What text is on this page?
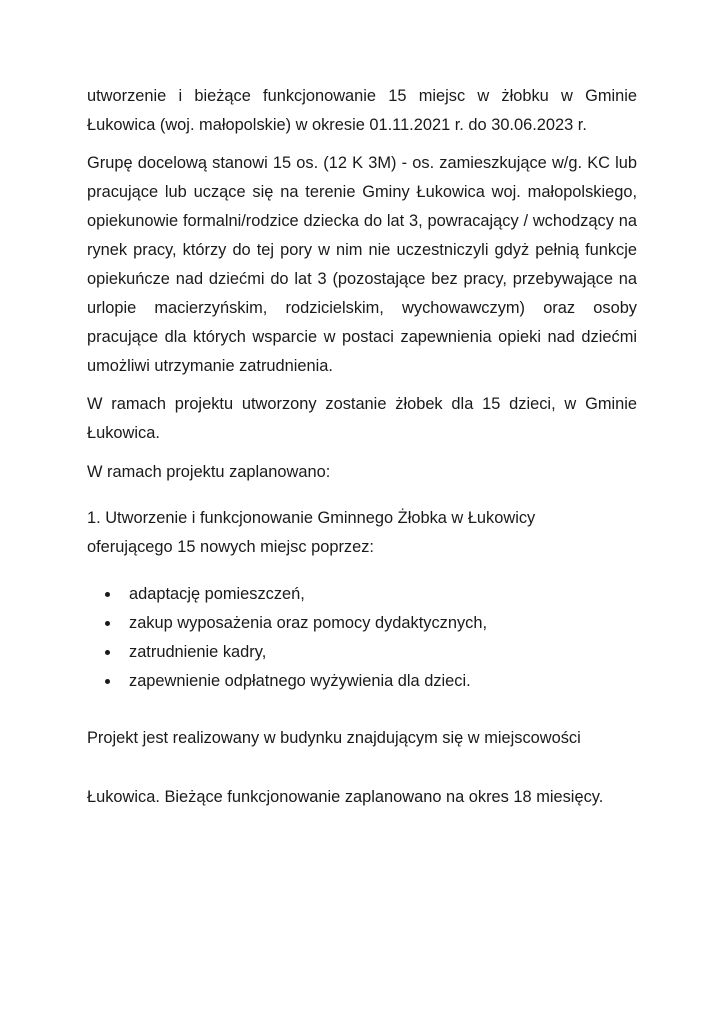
utworzenie i bieżące funkcjonowanie 15 miejsc w żłobku w Gminie Łukowica (woj. małopolskie) w okresie 01.11.2021 r. do 30.06.2023 r.

Grupę docelową stanowi 15 os. (12 K 3M) - os. zamieszkujące w/g. KC lub pracujące lub uczące się na terenie Gminy Łukowica woj. małopolskiego, opiekunowie formalni/rodzice dziecka do lat 3, powracający / wchodzący na rynek pracy, którzy do tej pory w nim nie uczestniczyli gdyż pełnią funkcje opiekuńcze nad dziećmi do lat 3 (pozostające bez pracy, przebywające na urlopie macierzyńskim, rodzicielskim, wychowawczym) oraz osoby pracujące dla których wsparcie w postaci zapewnienia opieki nad dziećmi umożliwi utrzymanie zatrudnienia.

W ramach projektu utworzony zostanie żłobek dla 15 dzieci, w Gminie Łukowica.

W ramach projektu zaplanowano:

1. Utworzenie i funkcjonowanie Gminnego Żłobka w Łukowicy
oferującego 15 nowych miejsc poprzez:

adaptację pomieszczeń,
zakup wyposażenia oraz pomocy dydaktycznych,
zatrudnienie kadry,
zapewnienie odpłatnego wyżywienia dla dzieci.

Projekt jest realizowany w budynku znajdującym się w miejscowości

Łukowica. Bieżące funkcjonowanie zaplanowano na okres 18 miesięcy.
